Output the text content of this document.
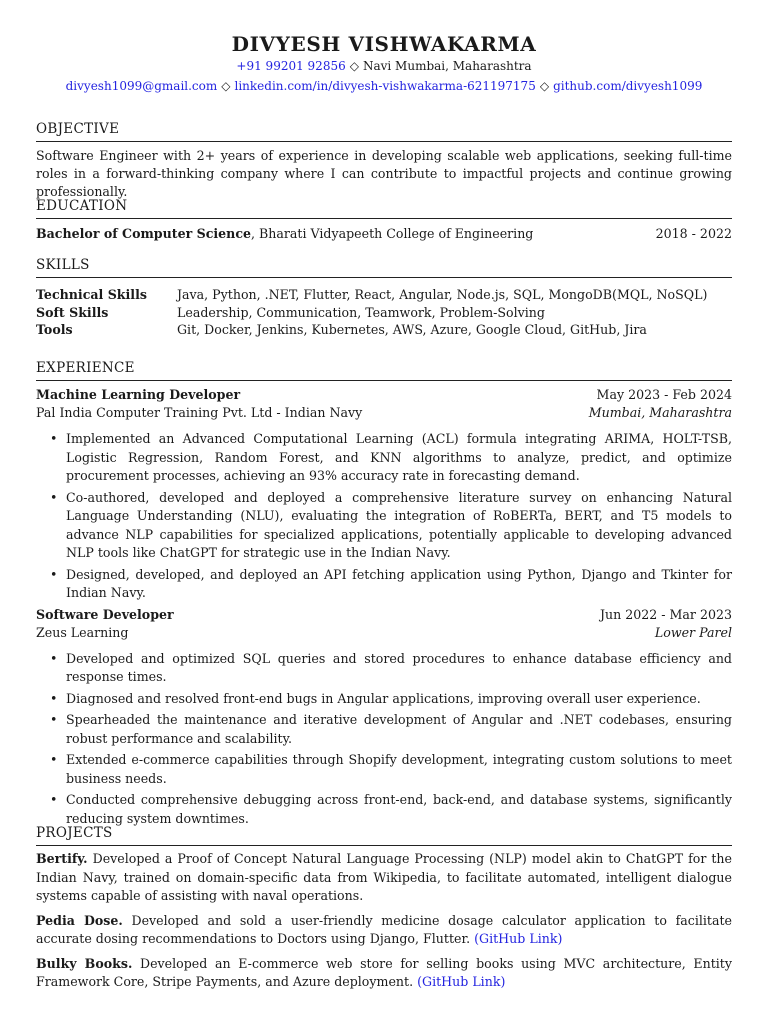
DIVYESH VISHWAKARMA
+91 99201 92856 ◇ Navi Mumbai, Maharashtra
divyesh1099@gmail.com ◇ linkedin.com/in/divyesh-vishwakarma-621197175 ◇ github.com/divyesh1099
OBJECTIVE
Software Engineer with 2+ years of experience in developing scalable web applications, seeking full-time roles in a forward-thinking company where I can contribute to impactful projects and continue growing professionally.
EDUCATION
Bachelor of Computer Science, Bharati Vidyapeeth College of Engineering	2018 - 2022
SKILLS
Technical Skills	Java, Python, .NET, Flutter, React, Angular, Node.js, SQL, MongoDB(MQL, NoSQL)
Soft Skills	Leadership, Communication, Teamwork, Problem-Solving
Tools	Git, Docker, Jenkins, Kubernetes, AWS, Azure, Google Cloud, GitHub, Jira
EXPERIENCE
Machine Learning Developer	May 2023 - Feb 2024
Pal India Computer Training Pvt. Ltd - Indian Navy	Mumbai, Maharashtra
• Implemented an Advanced Computational Learning (ACL) formula integrating ARIMA, HOLT-TSB, Logistic Regression, Random Forest, and KNN algorithms to analyze, predict, and optimize procurement processes, achieving an 93% accuracy rate in forecasting demand.
• Co-authored, developed and deployed a comprehensive literature survey on enhancing Natural Language Understanding (NLU), evaluating the integration of RoBERTa, BERT, and T5 models to advance NLP capabilities for specialized applications, potentially applicable to developing advanced NLP tools like ChatGPT for strategic use in the Indian Navy.
• Designed, developed, and deployed an API fetching application using Python, Django and Tkinter for Indian Navy.
Software Developer	Jun 2022 - Mar 2023
Zeus Learning	Lower Parel
• Developed and optimized SQL queries and stored procedures to enhance database efficiency and response times.
• Diagnosed and resolved front-end bugs in Angular applications, improving overall user experience.
• Spearheaded the maintenance and iterative development of Angular and .NET codebases, ensuring robust performance and scalability.
• Extended e-commerce capabilities through Shopify development, integrating custom solutions to meet business needs.
• Conducted comprehensive debugging across front-end, back-end, and database systems, significantly reducing system downtimes.
PROJECTS
Bertify. Developed a Proof of Concept Natural Language Processing (NLP) model akin to ChatGPT for the Indian Navy, trained on domain-specific data from Wikipedia, to facilitate automated, intelligent dialogue systems capable of assisting with naval operations.
Pedia Dose. Developed and sold a user-friendly medicine dosage calculator application to facilitate accurate dosing recommendations to Doctors using Django, Flutter. (GitHub Link)
Bulky Books. Developed an E-commerce web store for selling books using MVC architecture, Entity Framework Core, Stripe Payments, and Azure deployment. (GitHub Link)
